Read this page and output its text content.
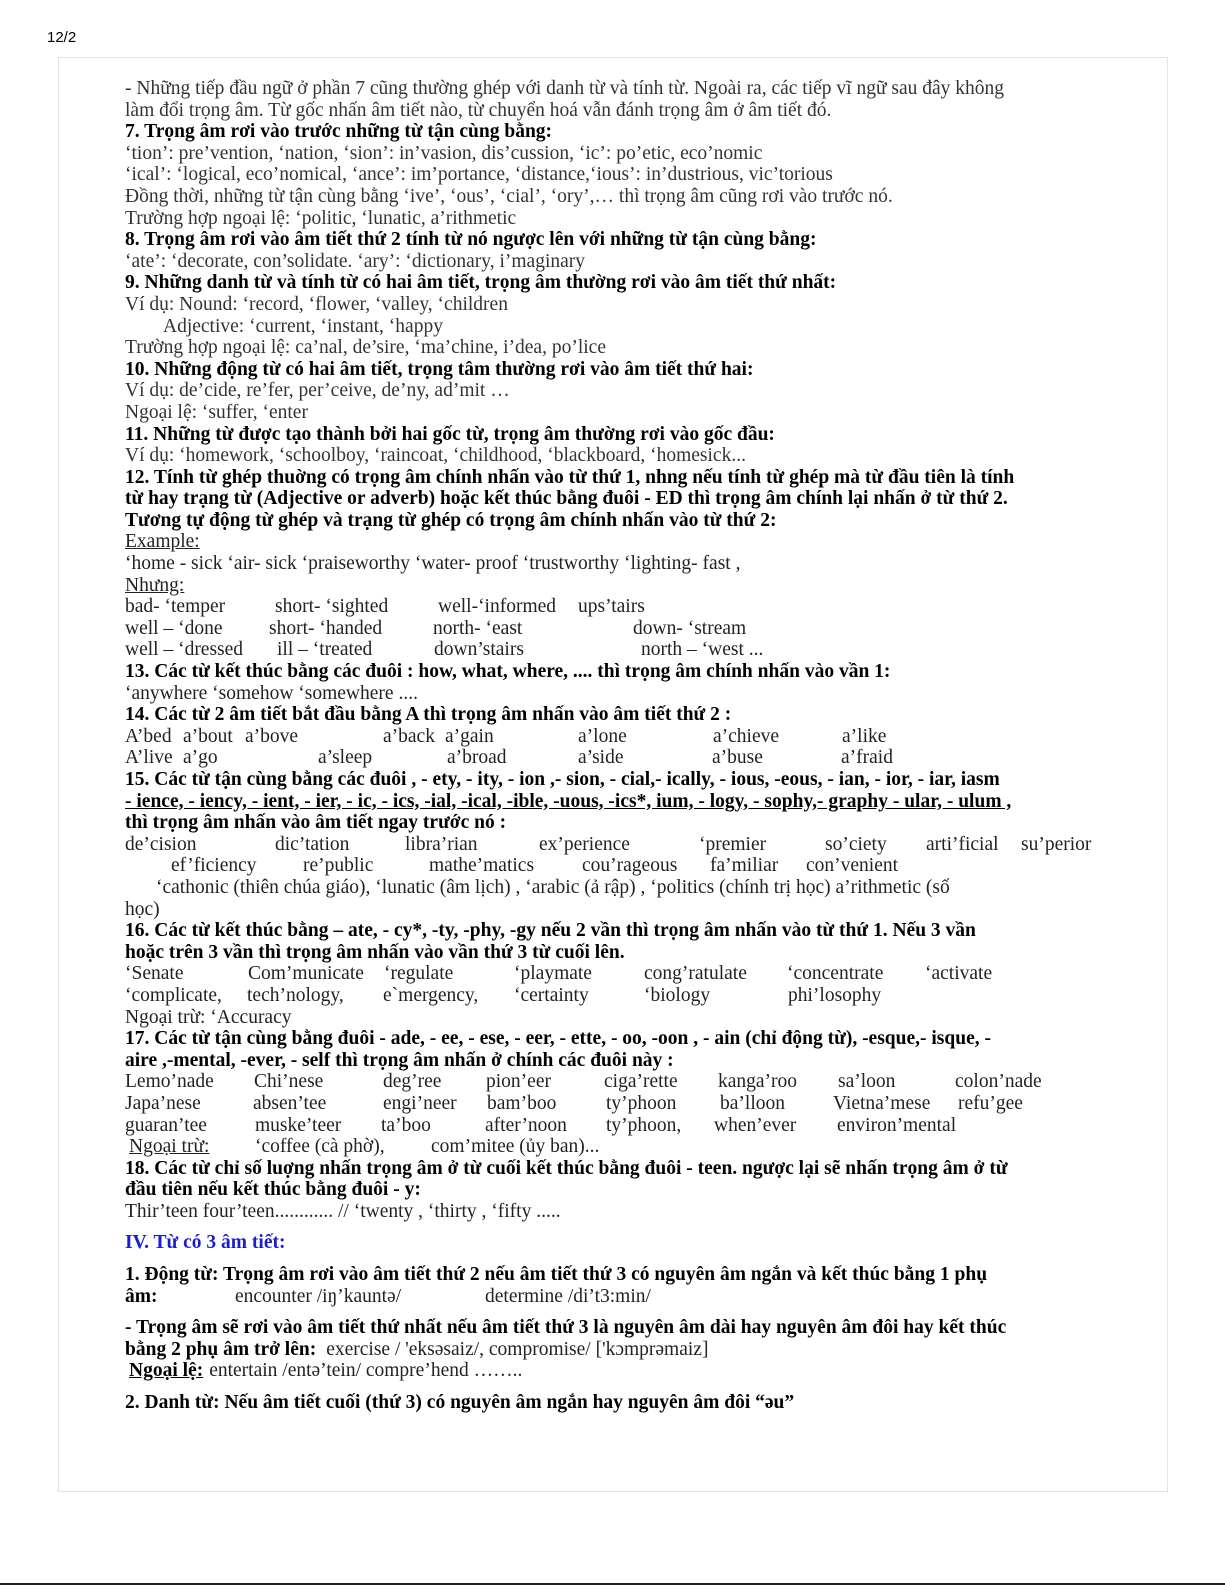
12/2
- Những tiếp đầu ngữ ở phần 7 cũng thường ghép với danh từ và tính từ. Ngoài ra, các tiếp vĩ ngữ sau đây không
làm đổi trọng âm. Từ gốc nhấn âm tiết nào, từ chuyển hoá vẫn đánh trọng âm ở âm tiết đó.
7. Trọng âm rơi vào trước những từ tận cùng bằng:
‘tion’: pre’vention, ‘nation, ‘sion’: in’vasion, dis’cussion, ‘ic’: po’etic, eco’nomic
‘ical’: ‘logical, eco’nomical, ‘ance’: im’portance, ‘distance,‘ious’: in’dustrious, vic’torious
Đồng thời, những từ tận cùng bằng ‘ive’, ‘ous’, ‘cial’, ‘ory’,… thì trọng âm cũng rơi vào trước nó.
Trường hợp ngoại lệ: ‘politic, ‘lunatic, a’rithmetic
8. Trọng âm rơi vào âm tiết thứ 2 tính từ nó ngược lên với những từ tận cùng bằng:
‘ate’: ‘decorate, con’solidate. ‘ary’: ‘dictionary, i’maginary
9. Những danh từ và tính từ có hai âm tiết, trọng âm thường rơi vào âm tiết thứ nhất:
Ví dụ: Nound: ‘record, ‘flower, ‘valley, ‘children
Adjective: ‘current, ‘instant, ‘happy
Trường hợp ngoại lệ: ca’nal, de’sire, ‘ma’chine, i’dea, po’lice
10. Những động từ có hai âm tiết, trọng tâm thường rơi vào âm tiết thứ hai:
Ví dụ: de’cide, re’fer, per’ceive, de’ny, ad’mit …
Ngoại lệ: ‘suffer, ‘enter
11. Những từ được tạo thành bởi hai gốc từ, trọng âm thường rơi vào gốc đầu:
Ví dụ: ‘homework, ‘schoolboy, ‘raincoat, ‘childhood, ‘blackboard, ‘homesick...
12. Tính từ ghép thuờng có trọng âm chính nhấn vào từ thứ 1, nhng nếu tính từ ghép mà từ đầu tiên là tính
từ hay trạng từ (Adjective or adverb) hoặc kết thúc bằng đuôi - ED thì trọng âm chính lại nhấn ở từ thứ 2.
Tương tự động từ ghép và trạng từ ghép có trọng âm chính nhấn vào từ thứ 2:
Example:
‘home - sick ‘air- sick ‘praiseworthy ‘water- proof ‘trustworthy ‘lighting- fast ,
Nhưng:
bad- ‘temper	short- ‘sighted	well-‘informed	ups’tairs
well – ‘done	short- ‘handed	north- ‘east	down- ‘stream
well – ‘dressed	ill – ‘treated	down’stairs	north – ‘west ...
13. Các từ kết thúc bằng các đuôi : how, what, where, .... thì trọng âm chính nhấn vào vần 1:
‘anywhere ‘somehow ‘somewhere ....
14. Các từ 2 âm tiết bắt đầu bằng A thì trọng âm nhấn vào âm tiết thứ 2 :
A’bed a’bout a’bove	a’back a’gain	a’lone	a’chieve	a’like
A’live a’go	a’sleep	a’broad	a’side	a’buse	a’fraid
15. Các từ tận cùng bằng các đuôi , - ety, - ity, - ion ,- sion, - cial,- ically, - ious, -eous, - ian, - ior, - iar, iasm
- ience, - iency, - ient, - ier, - ic, - ics, -ial, -ical, -ible, -uous, -ics*, ium, - logy, - sophy,- graphy - ular, - ulum ,
thì trọng âm nhấn vào âm tiết ngay trước nó :
de’cision	dic’tation	libra’rian	ex’perience	‘premier	so’ciety	arti’ficial	su’perior
ef’ficiency	re’public	mathe’matics	cou’rageous	fa’miliar	con’venient
‘cathonic (thiên chúa giáo), ‘lunatic (âm lịch) , ‘arabic (ả rập) , ‘politics (chính trị học) a’rithmetic (số
học)
16. Các từ kết thúc bằng – ate, - cy*, -ty, -phy, -gy nếu 2 vần thì trọng âm nhấn vào từ thứ 1. Nếu 3 vần
hoặc trên 3 vần thì trọng âm nhấn vào vần thứ 3 từ cuối lên.
‘Senate	Com’municate	‘regulate	‘playmate	cong’ratulate	‘concentrate	‘activate
‘complicate,	tech’nology,	e`mergency,	‘certainty	‘biology	phi’losophy
Ngoại trừ: ‘Accuracy
17. Các từ tận cùng bằng đuôi - ade, - ee, - ese, - eer, - ette, - oo, -oon , - ain (chỉ động từ), -esque,- isque, -
aire ,-mental, -ever, - self thì trọng âm nhấn ở chính các đuôi này :
Lemo’nade	Chi’nese	deg’ree	pion’eer	ciga’rette	kanga’roo	sa’loon	colon’nade
Japa’nese	absen’tee	engi’neer	bam’boo	ty’phoon	ba’lloon	Vietna’mese	refu’gee
guaran’tee	muske’teer	ta’boo	after’noon	ty’phoon,	when’ever	environ’mental
Ngoại trừ:	‘coffee (cà phờ),	com’mitee (ủy ban)...
18. Các từ chỉ số luợng nhấn trọng âm ở từ cuối kết thúc bằng đuôi - teen. ngược lại sẽ nhấn trọng âm ở từ
đầu tiên nếu kết thúc bằng đuôi - y:
Thir’teen four’teen............ // ‘twenty , ‘thirty , ‘fifty .....
IV. Từ có 3 âm tiết:
1. Động từ: Trọng âm rơi vào âm tiết thứ 2 nếu âm tiết thứ 3 có nguyên âm ngắn và kết thúc bằng 1 phụ
âm:	encounter /iŋ’kauntə/	determine /di’t3:min/
- Trọng âm sẽ rơi vào âm tiết thứ nhất nếu âm tiết thứ 3 là nguyên âm dài hay nguyên âm đôi hay kết thúc
bằng 2 phụ âm trở lên: exercise / 'eksəsaiz/, compromise/ ['kɔmprəmaiz]
Ngoại lệ: entertain /entə’tein/ compre’hend ……..
2. Danh từ: Nếu âm tiết cuối (thứ 3) có nguyên âm ngắn hay nguyên âm đôi “əu”
